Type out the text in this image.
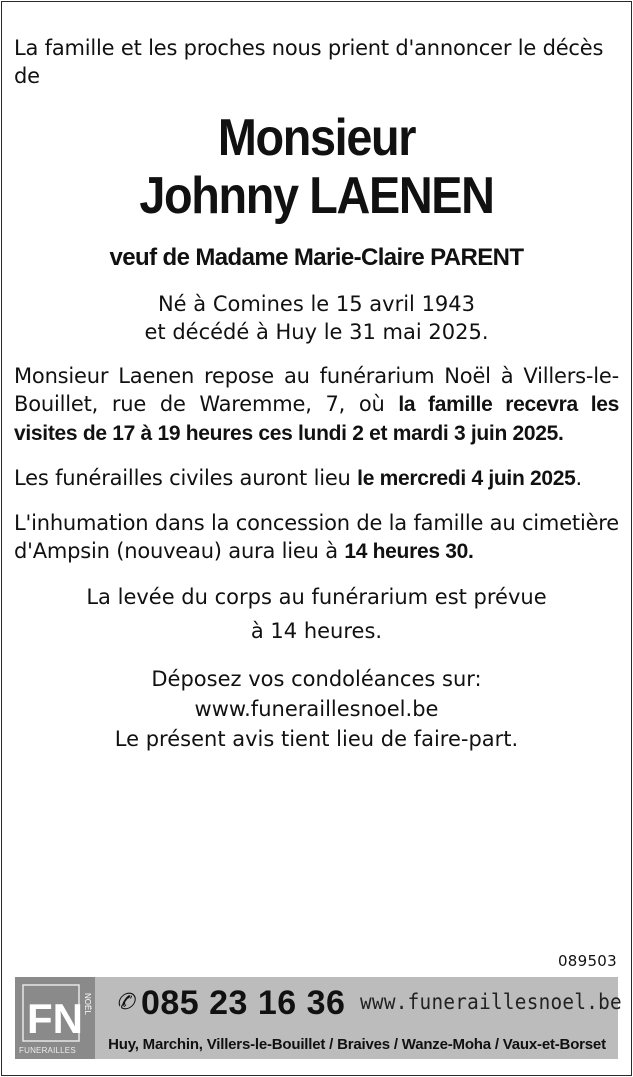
La famille et les proches nous prient d'annoncer le décès de

Monsieur
Johnny LAENEN
veuf de Madame Marie-Claire PARENT
Né à Comines le 15 avril 1943
et décédé à Huy le 31 mai 2025.

Monsieur Laenen repose au funérarium Noël à Villers-le-Bouillet, rue de Waremme, 7, où la famille recevra les visites de 17 à 19 heures ces lundi 2 et mardi 3 juin 2025.

Les funérailles civiles auront lieu le mercredi 4 juin 2025.

L'inhumation dans la concession de la famille au cimetière d'Ampsin (nouveau) aura lieu à 14 heures 30.

La levée du corps au funérarium est prévue
à 14 heures.
Déposez vos condoléances sur:
www.funeraillesnoel.be
Le présent avis tient lieu de faire-part.
089503
FN NOËL
FUNERAILLES
✆ 085 23 16 36 www.funeraillesnoel.be
Huy, Marchin, Villers-le-Bouillet / Braives / Wanze-Moha / Vaux-et-Borset
